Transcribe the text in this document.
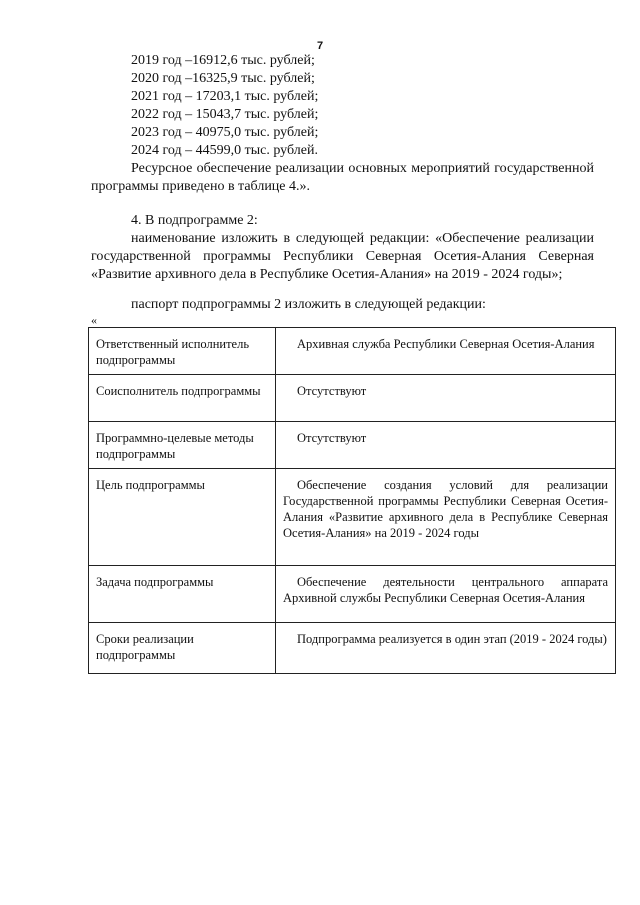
7
2019 год –16912,6 тыс. рублей;
2020 год –16325,9 тыс. рублей;
2021 год – 17203,1 тыс. рублей;
2022 год – 15043,7 тыс. рублей;
2023 год – 40975,0 тыс. рублей;
2024 год – 44599,0 тыс. рублей.
Ресурсное обеспечение реализации основных мероприятий государственной программы приведено в таблице 4.».
4. В подпрограмме 2:
наименование изложить в следующей редакции: «Обеспечение реализации государственной программы Республики Северная Осетия-Алания Северная «Развитие архивного дела в Республике Осетия-Алания» на 2019 - 2024 годы»;
паспорт подпрограммы 2 изложить в следующей редакции:
«
Ответственный исполнитель подпрограммы	Архивная служба Республики Северная Осетия-Алания

Соисполнитель подпрограммы	Отсутствуют

Программно-целевые методы подпрограммы	Отсутствуют

Цель подпрограммы	Обеспечение создания условий для реализации Государственной программы Республики Северная Осетия-Алания «Развитие архивного дела в Республике Северная Осетия-Алания» на 2019 - 2024 годы

Задача подпрограммы	Обеспечение деятельности центрального аппарата Архивной службы Республики Северная Осетия-Алания

Сроки реализации подпрограммы	Подпрограмма реализуется в один этап (2019 - 2024 годы)
